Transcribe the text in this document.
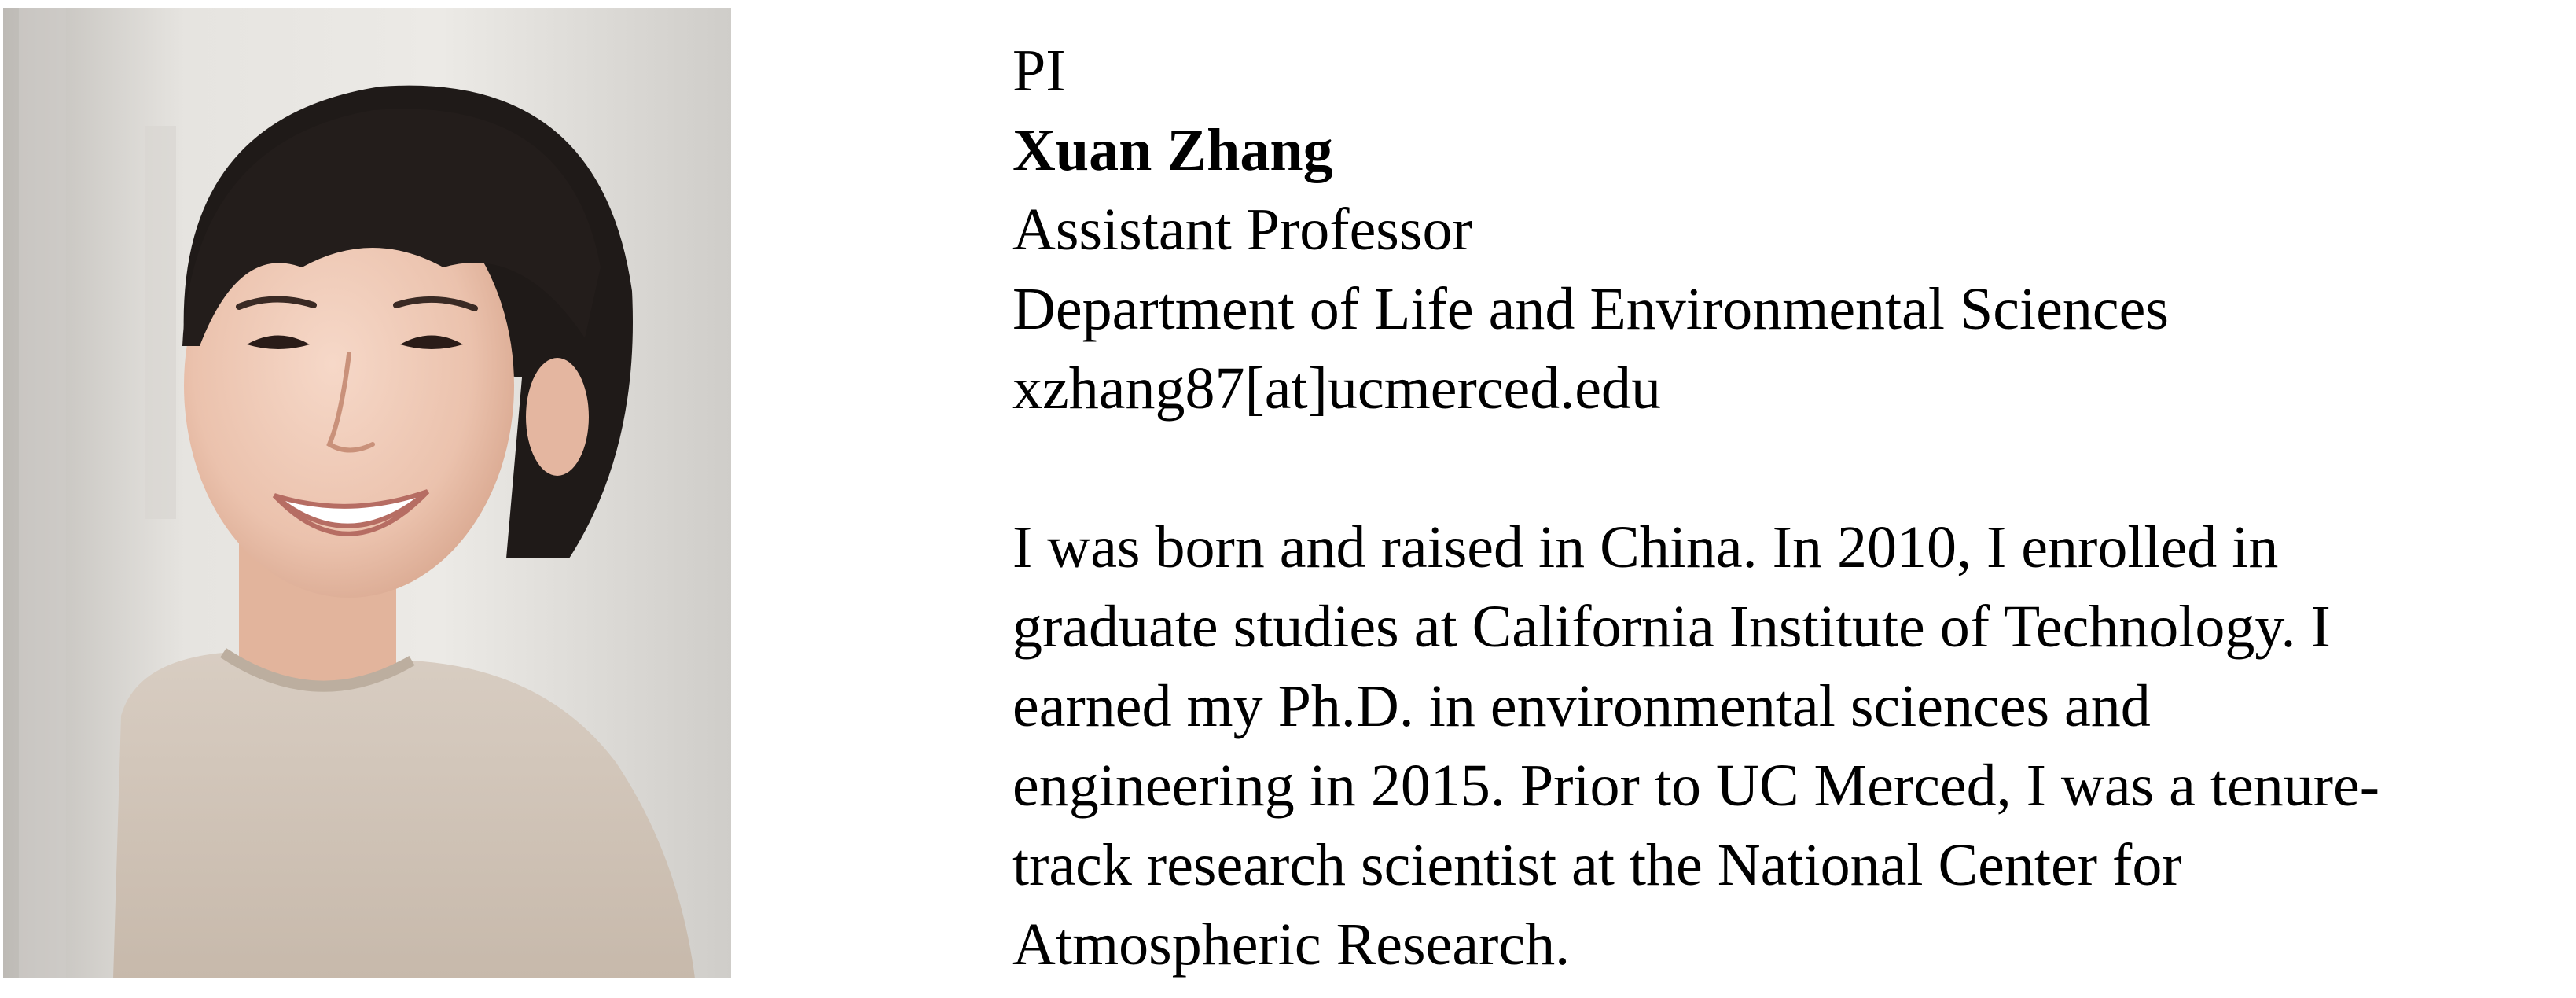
PI
Xuan Zhang
Assistant Professor
Department of Life and Environmental Sciences
xzhang87[at]ucmerced.edu
I was born and raised in China. In 2010, I enrolled in
graduate studies at California Institute of Technology. I
earned my Ph.D. in environmental sciences and
engineering in 2015. Prior to UC Merced, I was a tenure-
track research scientist at the National Center for
Atmospheric Research.
